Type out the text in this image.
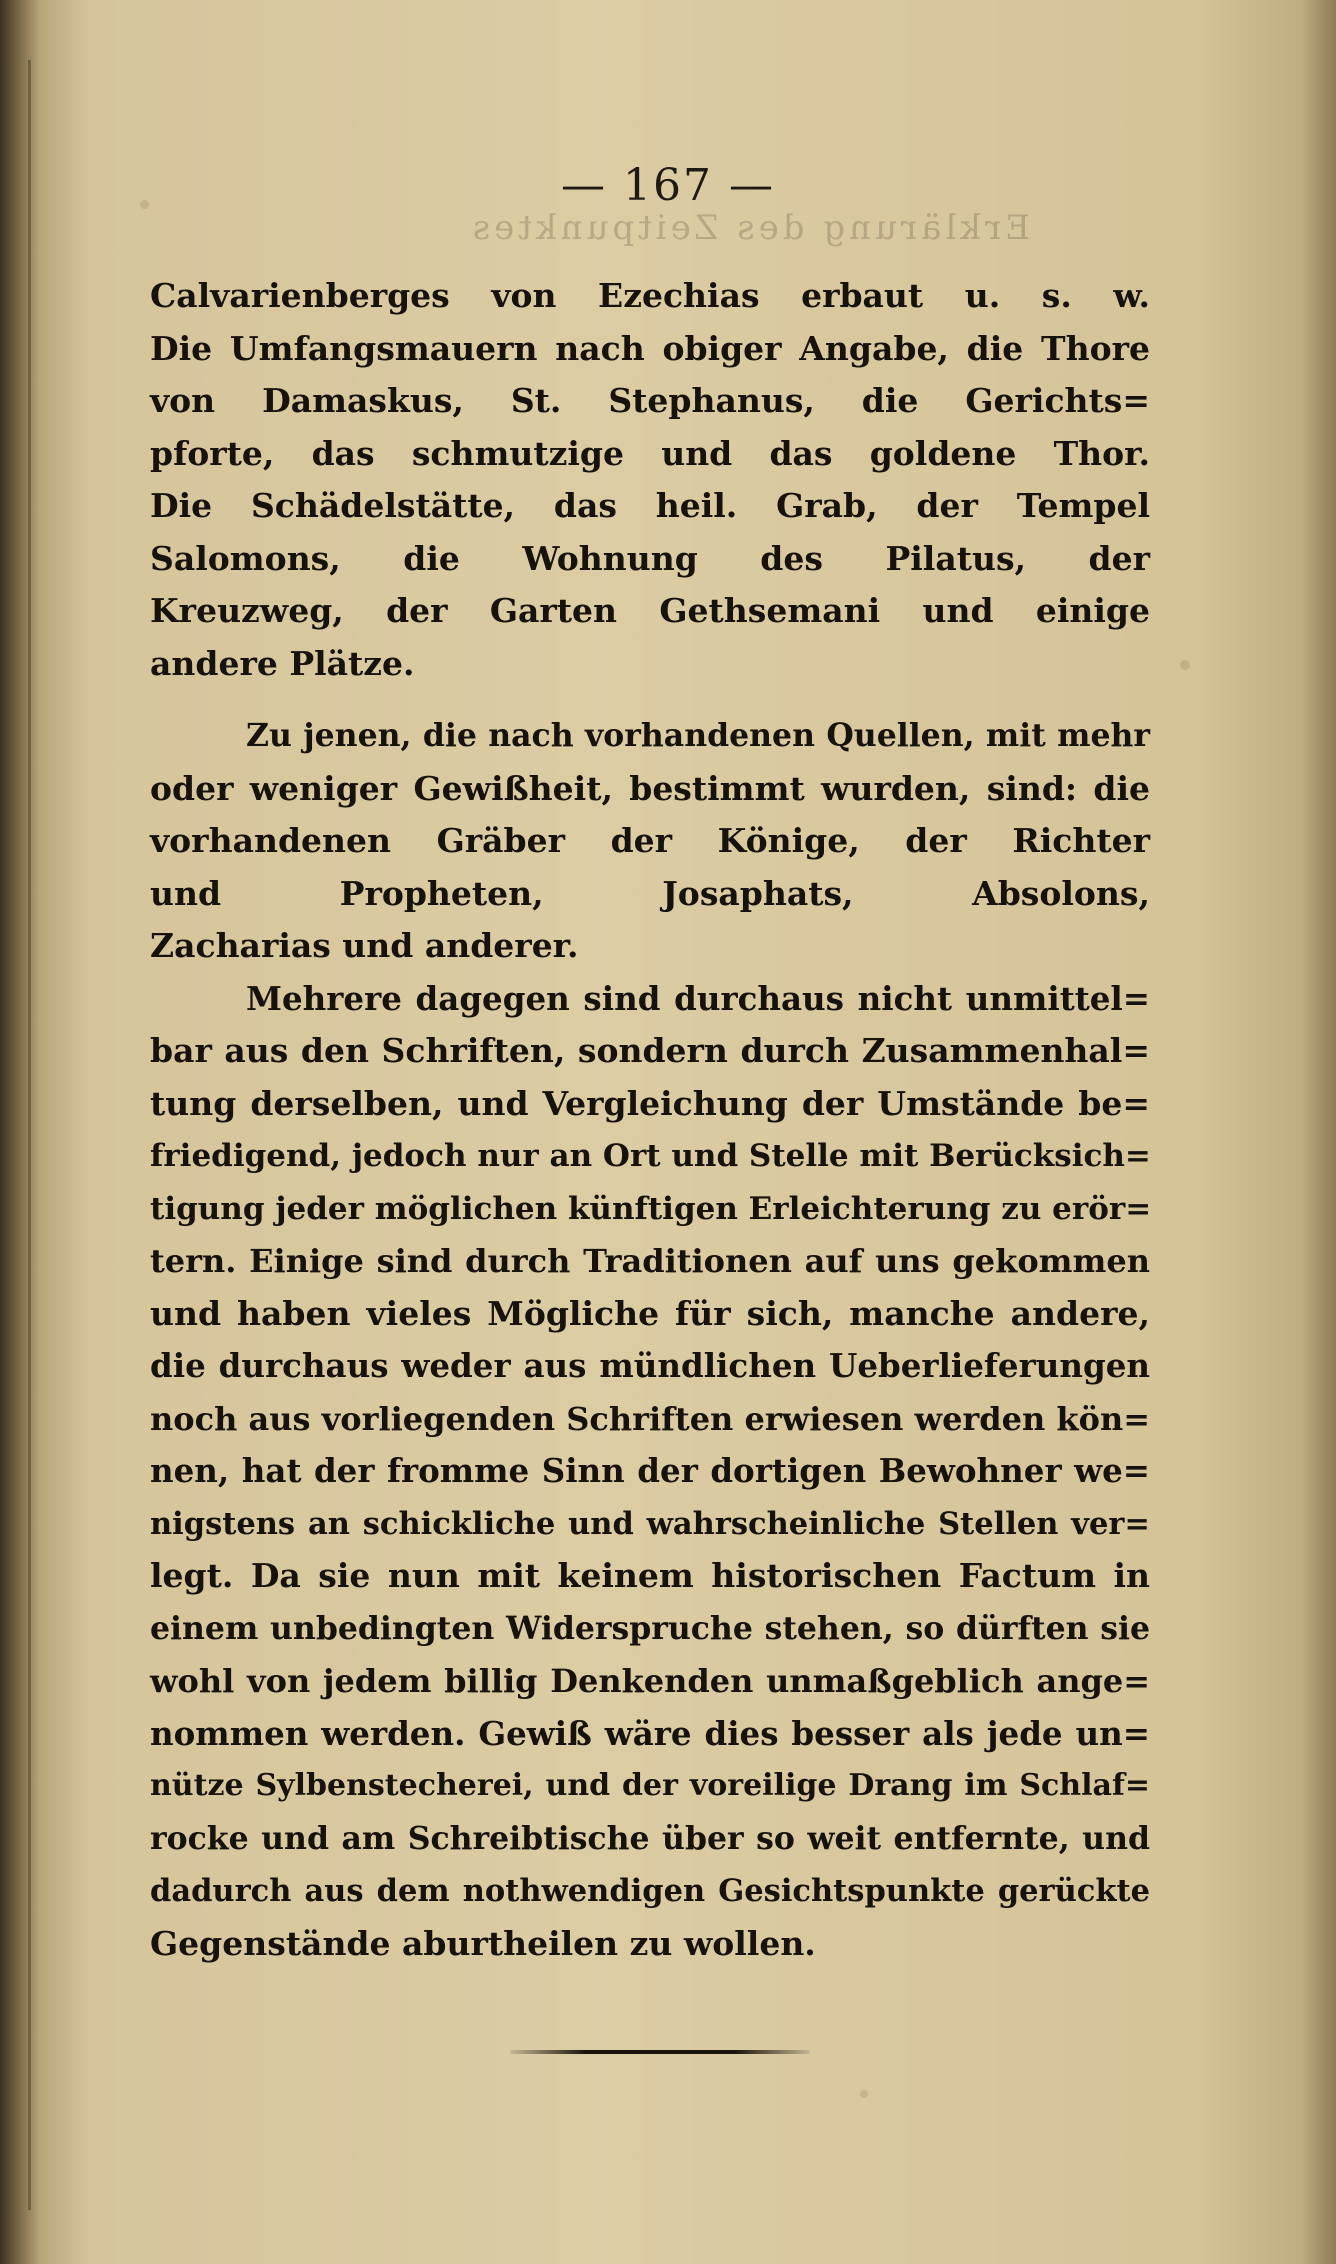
— 167 —
Erklärung des Zeitpunktes
Calvarienberges von Ezechias erbaut u. s. w.
Die Umfangsmauern nach obiger Angabe, die Thore
von Damaskus, St. Stephanus, die Gerichts=
pforte, das schmutzige und das goldene Thor.
Die Schädelstätte, das heil. Grab, der Tempel
Salomons, die Wohnung des Pilatus, der
Kreuzweg, der Garten Gethsemani und einige
andere Plätze.
Zu jenen, die nach vorhandenen Quellen, mit mehr
oder weniger Gewißheit, bestimmt wurden, sind: die
vorhandenen Gräber der Könige, der Richter
und Propheten, Josaphats, Absolons,
Zacharias und anderer.
Mehrere dagegen sind durchaus nicht unmittel=
bar aus den Schriften, sondern durch Zusammenhal=
tung derselben, und Vergleichung der Umstände be=
friedigend, jedoch nur an Ort und Stelle mit Berücksich=
tigung jeder möglichen künftigen Erleichterung zu erör=
tern. Einige sind durch Traditionen auf uns gekommen
und haben vieles Mögliche für sich, manche andere,
die durchaus weder aus mündlichen Ueberlieferungen
noch aus vorliegenden Schriften erwiesen werden kön=
nen, hat der fromme Sinn der dortigen Bewohner we=
nigstens an schickliche und wahrscheinliche Stellen ver=
legt. Da sie nun mit keinem historischen Factum in
einem unbedingten Widerspruche stehen, so dürften sie
wohl von jedem billig Denkenden unmaßgeblich ange=
nommen werden. Gewiß wäre dies besser als jede un=
nütze Sylbenstecherei, und der voreilige Drang im Schlaf=
rocke und am Schreibtische über so weit entfernte, und
dadurch aus dem nothwendigen Gesichtspunkte gerückte
Gegenstände aburtheilen zu wollen.
